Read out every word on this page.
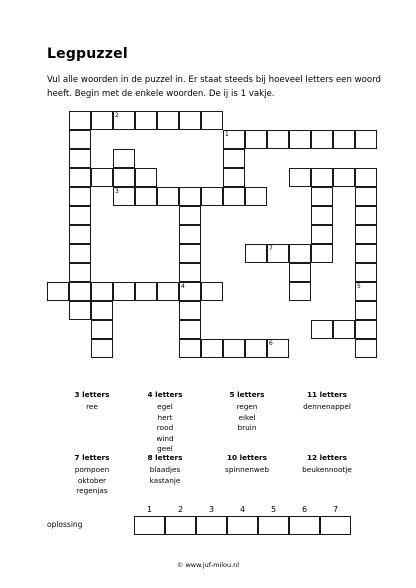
Legpuzzel
Vul alle woorden in de puzzel in. Er staat steeds bij hoeveel letters een woord
heeft. Begin met de enkele woorden. De ij is 1 vakje.
1
2
3
4	5
6
7
3 letters
ree
4 letters
egel
hert
rood
wind
geel
5 letters
regen
eikel
bruin
11 letters
dennenappel
7 letters
pompoen
oktober
regenjas
8 letters
blaadjes
kastanje
10 letters
spinnenweb
12 letters
beukennootje
oplossing
1	2	3	4	5	6	7
© www.juf-milou.nl
